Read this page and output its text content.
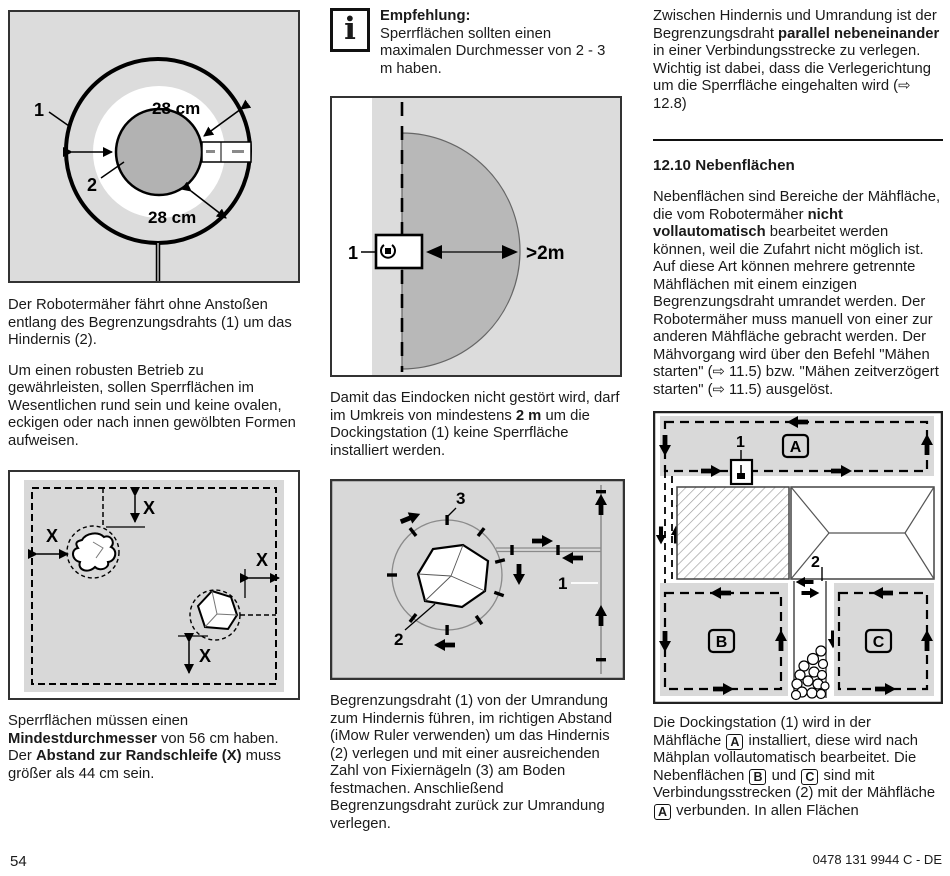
1
2
28 cm
28 cm

Der Robotermäher fährt ohne Anstoßen entlang des Begrenzungsdrahts (1) um das Hindernis (2).

Um einen robusten Betrieb zu gewährleisten, sollen Sperrflächen im Wesentlichen rund sein und keine ovalen, eckigen oder nach innen gewölbten Formen aufweisen.

X
X
X
X

Sperrflächen müssen einen Mindestdurchmesser von 56 cm haben. Der Abstand zur Randschleife (X) muss größer als 44 cm sein.

i Empfehlung:
Sperrflächen sollten einen maximalen Durchmesser von 2 - 3 m haben.
1	>2m

Damit das Eindocken nicht gestört wird, darf im Umkreis von mindestens 2 m um die Dockingstation (1) keine Sperrfläche installiert werden.

3
2
1

Begrenzungsdraht (1) von der Umrandung zum Hindernis führen, im richtigen Abstand (iMow Ruler verwenden) um das Hindernis (2) verlegen und mit einer ausreichenden Zahl von Fixiernägeln (3) am Boden festmachen. Anschließend Begrenzungsdraht zurück zur Umrandung verlegen.

Zwischen Hindernis und Umrandung ist der Begrenzungsdraht parallel nebeneinander in einer Verbindungsstrecke zu verlegen. Wichtig ist dabei, dass die Verlegerichtung um die Sperrfläche eingehalten wird (⇨ 12.8)

12.10 Nebenflächen

Nebenflächen sind Bereiche der Mähfläche, die vom Robotermäher nicht vollautomatisch bearbeitet werden können, weil die Zufahrt nicht möglich ist. Auf diese Art können mehrere getrennte Mähflächen mit einem einzigen Begrenzungsdraht umrandet werden. Der Robotermäher muss manuell von einer zur anderen Mähfläche gebracht werden. Der Mähvorgang wird über den Befehl "Mähen starten" (⇨ 11.5) bzw. "Mähen zeitverzögert starten" (⇨ 11.5) ausgelöst.

1	A
B
2
C

Die Dockingstation (1) wird in der Mähfläche A installiert, diese wird nach Mähplan vollautomatisch bearbeitet. Die Nebenflächen B und C sind mit Verbindungsstrecken (2) mit der Mähfläche A verbunden. In allen Flächen

54	0478 131 9944 C - DE
